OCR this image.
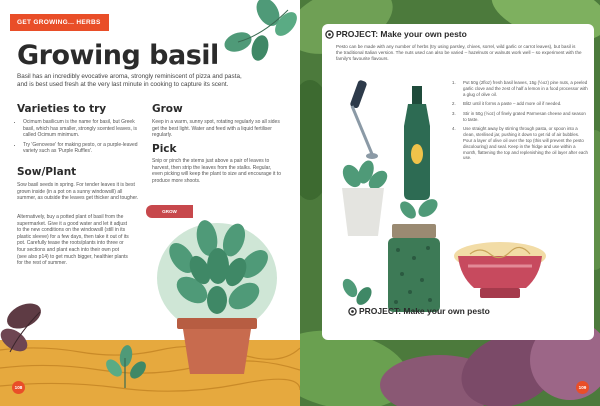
GET GROWING... HERBS
Growing basil
Basil has an incredibly evocative aroma, strongly reminiscent of pizza and pasta, and is best used fresh at the very last minute in cooking to capture its scent.
Varieties to try
• Ocimum basilicum is the name for basil, but Greek basil, which has smaller, strongly scented leaves, is called Ocimum minimum.
• Try 'Genovese' for making pesto, or a purple-leaved variety such as 'Purple Ruffles'.
Sow/Plant
Sow basil seeds in spring. For tender leaves it is best grown inside (in a pot on a sunny windowsill) all summer, as outside the leaves get thicker and tougher.
Alternatively, buy a potted plant of basil from the supermarket. Give it a good water and let it adjust to the new conditions on the windowsill (still in its plastic sleeve) for a few days, then take it out of its pot. Carefully tease the roots/plants into three or four sections and plant each into their own pot (see also p14) to get much bigger, healthier plants for the rest of summer.
Grow
Keep in a warm, sunny spot, rotating regularly so all sides get the best light. Water and feed with a liquid fertiliser regularly.
Pick
Snip or pinch the stems just above a pair of leaves to harvest, then strip the leaves from the stalks. Regular, even picking will keep the plant to size and encourage it to produce more shoots.
GROW
108
PROJECT: Make your own pesto
Pesto can be made with any number of herbs (try using parsley, chives, sorrel, wild garlic or carrot leaves), but basil is the traditional Italian version. The nuts used can also be varied – hazelnuts or walnuts work well – so experiment with the family's favourite flavours.
1. Put 50g (2floz) fresh basil leaves, 15g (½oz) pine nuts, a peeled garlic clove and the zest of half a lemon in a food processor with a glug of olive oil.
2. Blitz until it forms a paste – add more oil if needed.
3. Stir in 50g (½oz) of finely grated Parmesan cheese and season to taste.
4. Use straight away by stirring through pasta, or spoon into a clean, sterilised jar, pushing it down to get rid of air bubbles. Pour a layer of olive oil over the top (this will prevent the pesto discolouring) and seal. Keep in the fridge and use within a month, flattening the top and replenishing the oil layer after each use.
PROJECT: Make your own pesto
109
